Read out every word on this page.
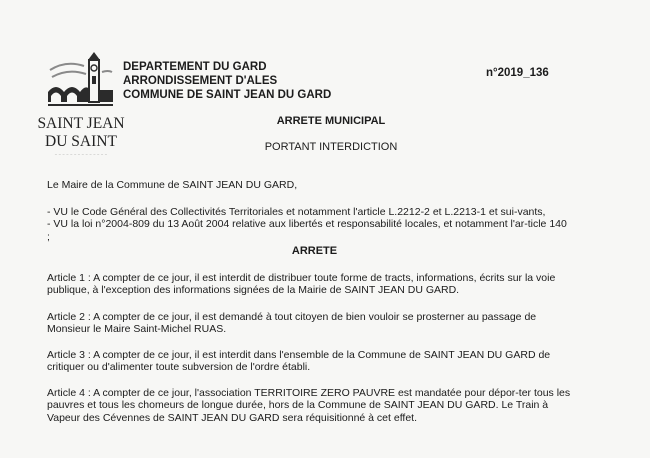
SAINT JEAN
DU SAINT
~ ~ ~ ~ ~ ~ ~ ~ ~ ~ ~ ~ ~ ~
DEPARTEMENT DU GARD
ARRONDISSEMENT D'ALES
COMMUNE DE SAINT JEAN DU GARD
n°2019_136
ARRETE MUNICIPAL
PORTANT INTERDICTION

Le Maire de la Commune de SAINT JEAN DU GARD,

- VU le Code Général des Collectivités Territoriales et notamment l'article L.2212-2 et L.2213-1 et sui-vants,

- VU la loi n°2004-809 du 13 Août 2004 relative aux libertés et responsabilité locales, et notamment l'ar-ticle 140 ;

ARRETE

Article 1 : A compter de ce jour, il est interdit de distribuer toute forme de tracts, informations, écrits sur la voie publique, à l'exception des informations signées de la Mairie de SAINT JEAN DU GARD.

Article 2 : A compter de ce jour, il est demandé à tout citoyen de bien vouloir se prosterner au passage de Monsieur le Maire Saint-Michel RUAS.

Article 3 : A compter de ce jour, il est interdit dans l'ensemble de la Commune de SAINT JEAN DU GARD de critiquer ou d'alimenter toute subversion de l'ordre établi.

Article 4 : A compter de ce jour, l'association TERRITOIRE ZERO PAUVRE est mandatée pour dépor-ter tous les pauvres et tous les chomeurs de longue durée, hors de la Commune de SAINT JEAN DU GARD. Le Train à Vapeur des Cévennes de SAINT JEAN DU GARD sera réquisitionné à cet effet.
